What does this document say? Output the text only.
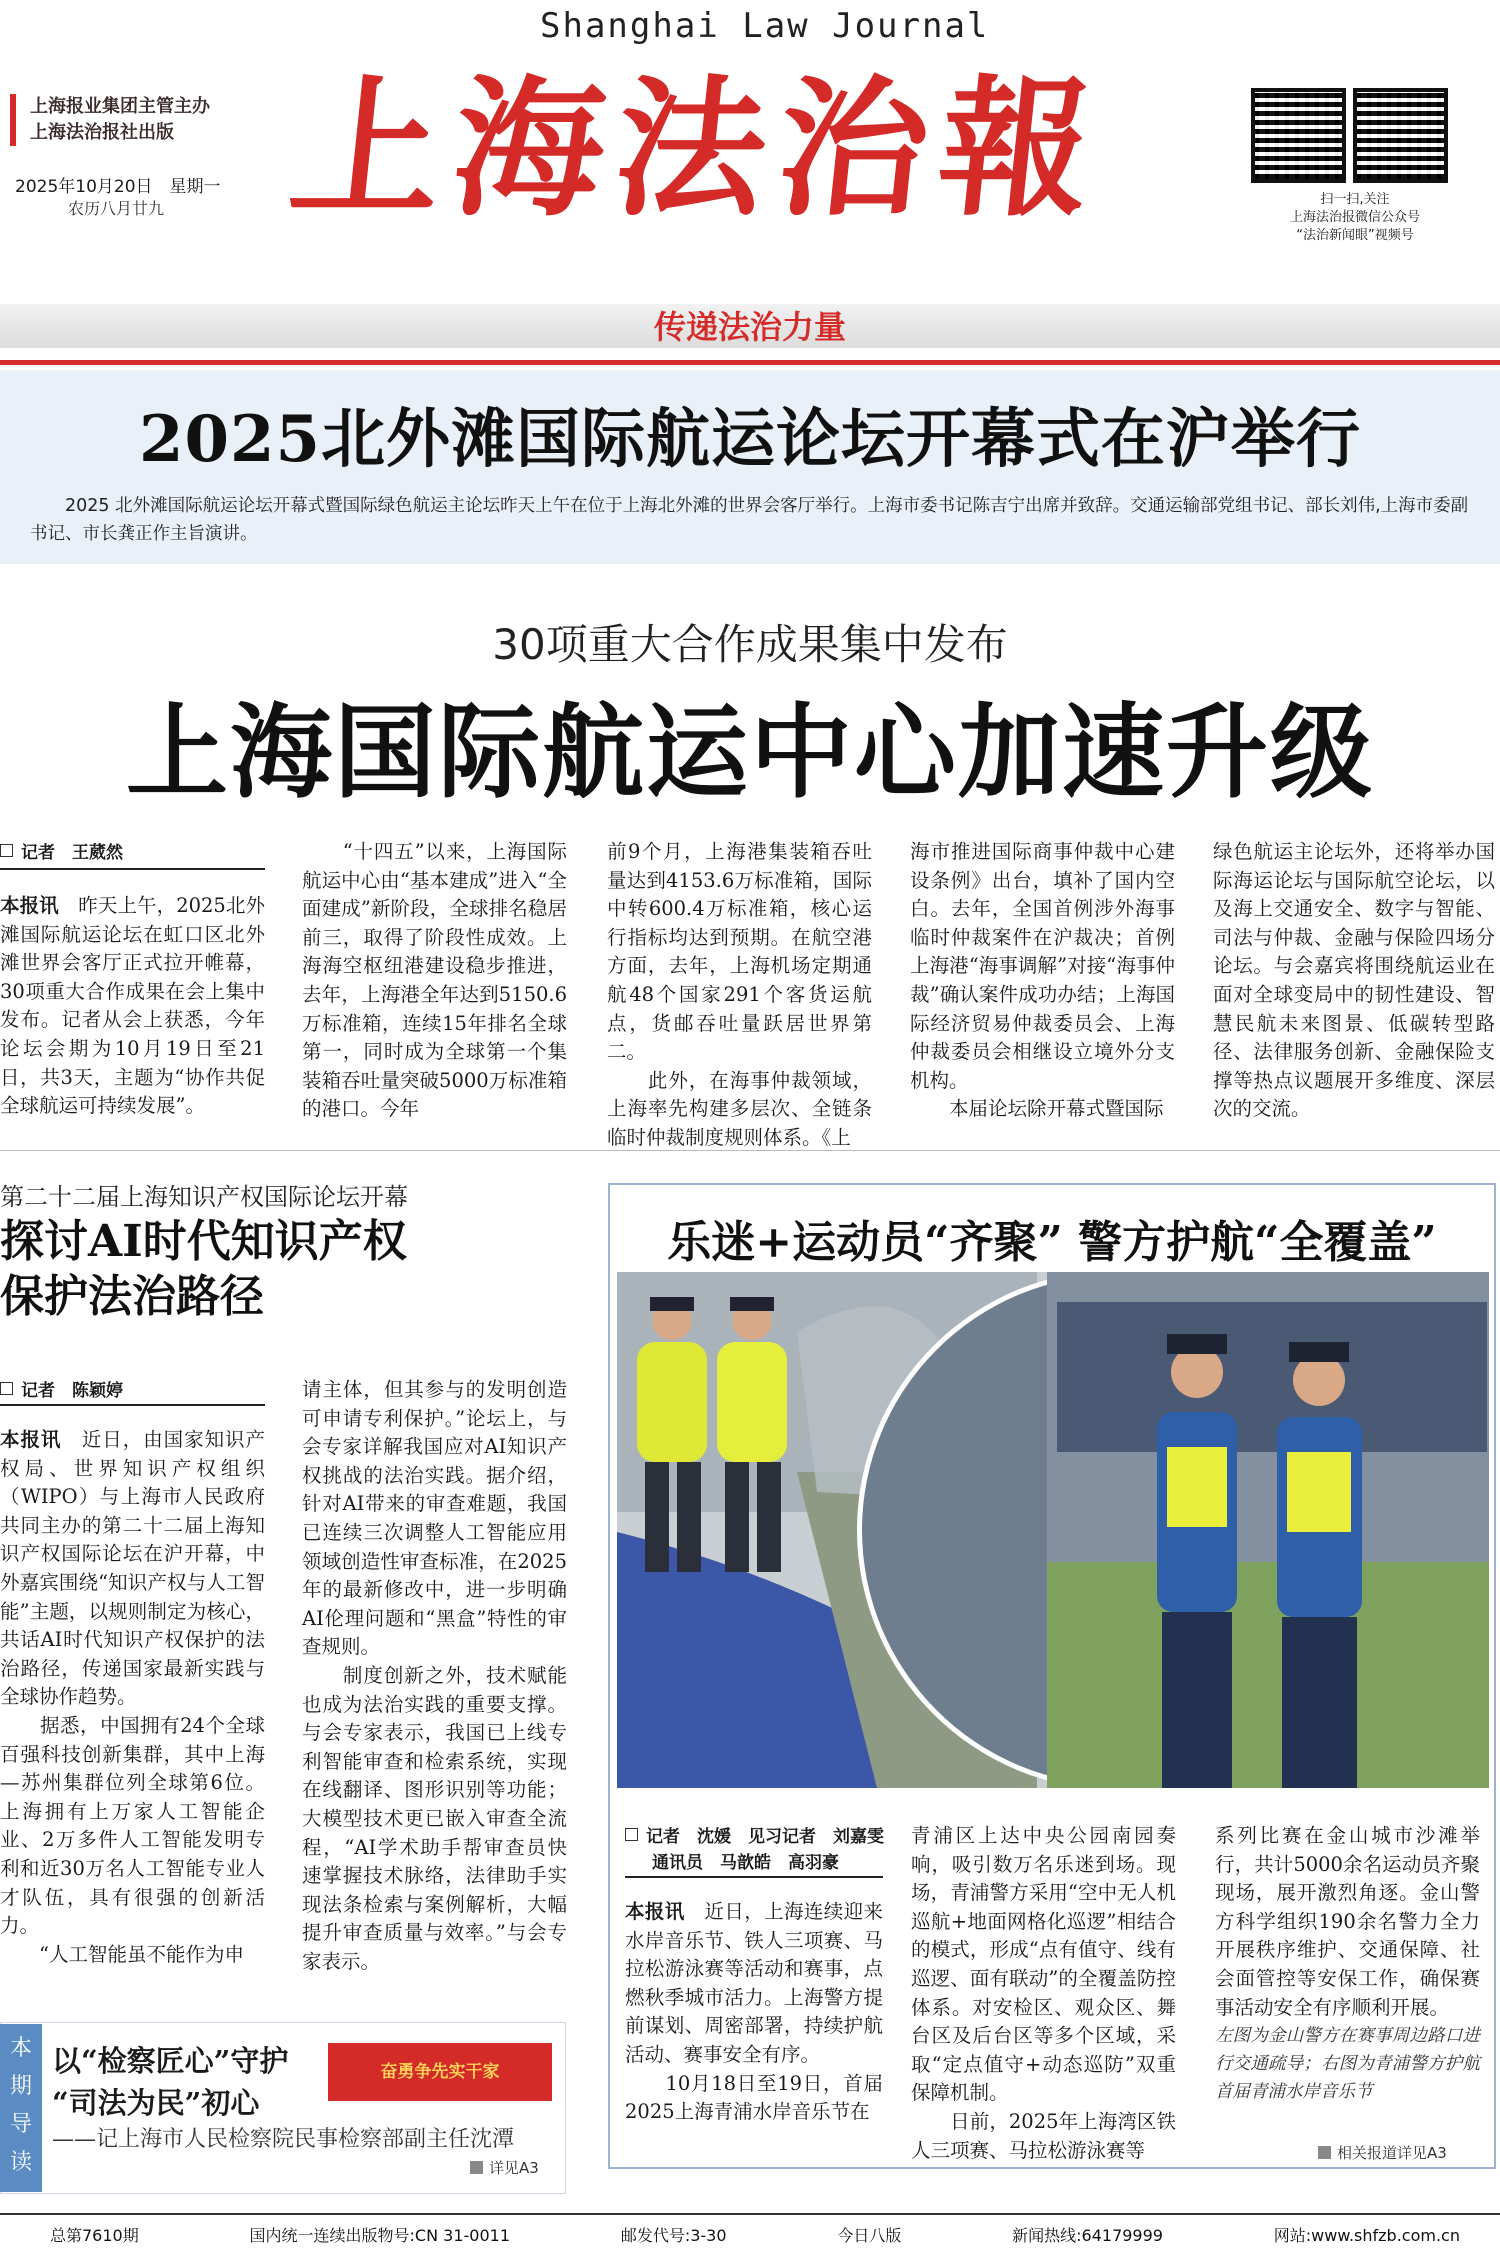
Shanghai Law Journal
上海报业集团主管主办
上海法治报社出版
2025年10月20日　星期一
农历八月廿九 上海法治報	扫一扫,关注
上海法治报微信公众号
“法治新闻眼”视频号
传递法治力量
2025北外滩国际航运论坛开幕式在沪举行
2025 北外滩国际航运论坛开幕式暨国际绿色航运主论坛昨天上午在位于上海北外滩的世界会客厅举行。上海市委书记陈吉宁出席并致辞。交通运输部党组书记、部长刘伟,上海市委副书记、市长龚正作主旨演讲。
30项重大合作成果集中发布
上海国际航运中心加速升级
记者　王葳然
本报讯　昨天上午，2025北外滩国际航运论坛在虹口区北外滩世界会客厅正式拉开帷幕，30项重大合作成果在会上集中发布。记者从会上获悉，今年论坛会期为10月19日至21日，共3天，主题为“协作共促全球航运可持续发展”。
　　“十四五”以来，上海国际航运中心由“基本建成”进入“全面建成”新阶段，全球排名稳居前三，取得了阶段性成效。上海海空枢纽港建设稳步推进，去年，上海港全年达到5150.6万标准箱，连续15年排名全球第一，同时成为全球第一个集装箱吞吐量突破5000万标准箱的港口。今年
前9个月，上海港集装箱吞吐量达到4153.6万标准箱，国际中转600.4万标准箱，核心运行指标均达到预期。在航空港方面，去年，上海机场定期通航48个国家291个客货运航点，货邮吞吐量跃居世界第二。
　　此外，在海事仲裁领域，上海率先构建多层次、全链条临时仲裁制度规则体系。《上
海市推进国际商事仲裁中心建设条例》出台，填补了国内空白。去年，全国首例涉外海事临时仲裁案件在沪裁决；首例上海港“海事调解”对接“海事仲裁”确认案件成功办结；上海国际经济贸易仲裁委员会、上海仲裁委员会相继设立境外分支机构。
　　本届论坛除开幕式暨国际
绿色航运主论坛外，还将举办国际海运论坛与国际航空论坛，以及海上交通安全、数字与智能、司法与仲裁、金融与保险四场分论坛。与会嘉宾将围绕航运业在面对全球变局中的韧性建设、智慧民航未来图景、低碳转型路径、法律服务创新、金融保险支撑等热点议题展开多维度、深层次的交流。
第二十二届上海知识产权国际论坛开幕
探讨AI时代知识产权
保护法治路径
记者　陈颖婷
本报讯　近日，由国家知识产权局、世界知识产权组织（WIPO）与上海市人民政府共同主办的第二十二届上海知识产权国际论坛在沪开幕，中外嘉宾围绕“知识产权与人工智能”主题，以规则制定为核心，共话AI时代知识产权保护的法治路径，传递国家最新实践与全球协作趋势。
　　据悉，中国拥有24个全球百强科技创新集群，其中上海—苏州集群位列全球第6位。上海拥有上万家人工智能企业、2万多件人工智能发明专利和近30万名人工智能专业人才队伍，具有很强的创新活力。
　　“人工智能虽不能作为申
请主体，但其参与的发明创造可申请专利保护。”论坛上，与会专家详解我国应对AI知识产权挑战的法治实践。据介绍，针对AI带来的审查难题，我国已连续三次调整人工智能应用领域创造性审查标准，在2025年的最新修改中，进一步明确AI伦理问题和“黑盒”特性的审查规则。
　　制度创新之外，技术赋能也成为法治实践的重要支撑。与会专家表示，我国已上线专利智能审查和检索系统，实现在线翻译、图形识别等功能；大模型技术更已嵌入审查全流程，“AI学术助手帮审查员快速掌握技术脉络，法律助手实现法条检索与案例解析，大幅提升审查质量与效率。”与会专家表示。
乐迷+运动员“齐聚” 警方护航“全覆盖”
记者　沈媛　见习记者　刘嘉雯
通讯员　马歆皓　高羽豪
本报讯　近日，上海连续迎来水岸音乐节、铁人三项赛、马拉松游泳赛等活动和赛事，点燃秋季城市活力。上海警方提前谋划、周密部署，持续护航活动、赛事安全有序。
　　10月18日至19日，首届2025上海青浦水岸音乐节在
青浦区上达中央公园南园奏响，吸引数万名乐迷到场。现场，青浦警方采用“空中无人机巡航+地面网格化巡逻”相结合的模式，形成“点有值守、线有巡逻、面有联动”的全覆盖防控体系。对安检区、观众区、舞台区及后台区等多个区域，采取“定点值守+动态巡防”双重保障机制。
　　日前，2025年上海湾区铁人三项赛、马拉松游泳赛等
系列比赛在金山城市沙滩举行，共计5000余名运动员齐聚现场，展开激烈角逐。金山警方科学组织190余名警力全力开展秩序维护、交通保障、社会面管控等安保工作，确保赛事活动安全有序顺利开展。
左图为金山警方在赛事周边路口进行交通疏导；右图为青浦警方护航首届青浦水岸音乐节
相关报道详见A3
本
期
导
读
以“检察匠心”守护
“司法为民”初心
奋勇争先实干家
——记上海市人民检察院民事检察部副主任沈潭
详见A3
总第7610期	国内统一连续出版物号:CN 31-0011	邮发代号:3-30	今日八版	新闻热线:64179999	网站:www.shfzb.com.cn
